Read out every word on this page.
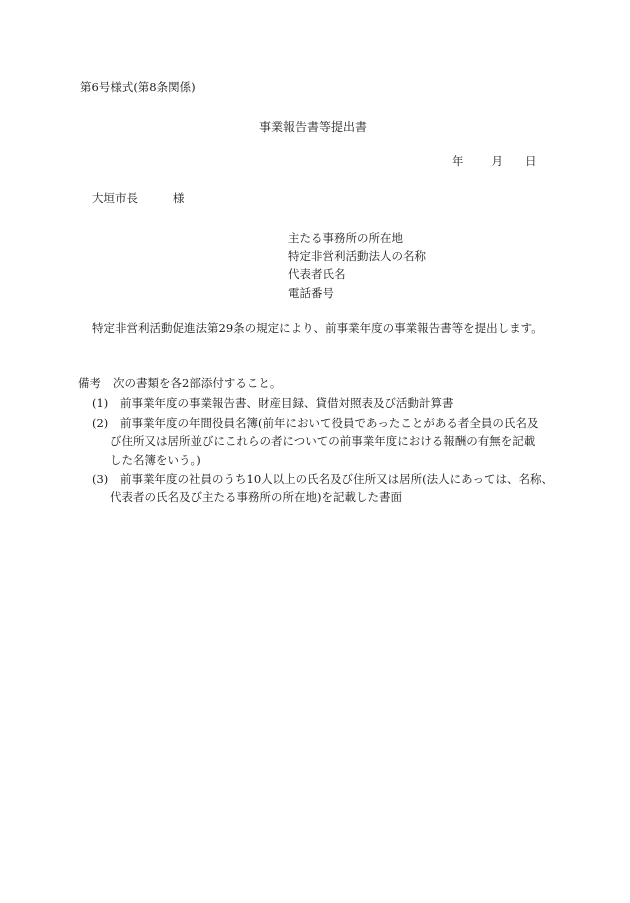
第6号様式(第8条関係)
事業報告書等提出書
年 月 日
大垣市長	様
主たる事務所の所在地
特定非営利活動法人の名称
代表者氏名
電話番号
特定非営利活動促進法第29条の規定により、前事業年度の事業報告書等を提出します。
備考 次の書類を各2部添付すること。
(1) 前事業年度の事業報告書、財産目録、貸借対照表及び活動計算書
(2) 前事業年度の年間役員名簿(前年において役員であったことがある者全員の氏名及
び住所又は居所並びにこれらの者についての前事業年度における報酬の有無を記載
した名簿をいう。)
(3) 前事業年度の社員のうち10人以上の氏名及び住所又は居所(法人にあっては、名称、
代表者の氏名及び主たる事務所の所在地)を記載した書面
